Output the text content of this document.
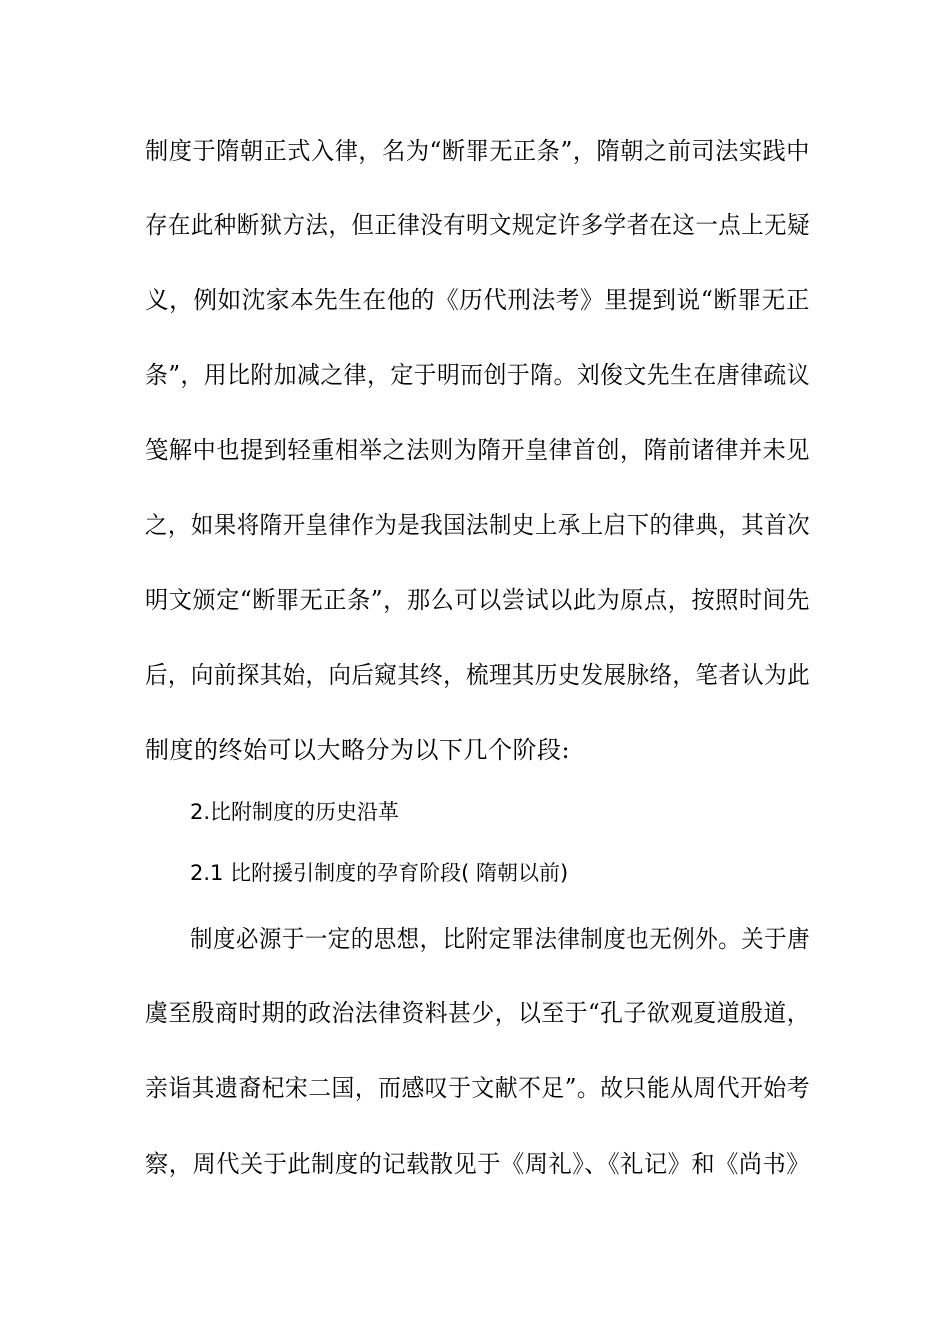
制度于隋朝正式入律，名为“断罪无正条”，隋朝之前司法实践中
存在此种断狱方法，但正律没有明文规定许多学者在这一点上无疑
义，例如沈家本先生在他的《历代刑法考》里提到说“断罪无正
条”，用比附加减之律，定于明而创于隋。刘俊文先生在唐律疏议
笺解中也提到轻重相举之法则为隋开皇律首创，隋前诸律并未见
之，如果将隋开皇律作为是我国法制史上承上启下的律典，其首次
明文颁定“断罪无正条”，那么可以尝试以此为原点，按照时间先
后，向前探其始，向后窥其终，梳理其历史发展脉络，笔者认为此
制度的终始可以大略分为以下几个阶段:
2.比附制度的历史沿革
2.1 比附援引制度的孕育阶段( 隋朝以前)
制度必源于一定的思想，比附定罪法律制度也无例外。关于唐
虞至殷商时期的政治法律资料甚少，以至于“孔子欲观夏道殷道，
亲诣其遗裔杞宋二国，而感叹于文献不足”。故只能从周代开始考
察，周代关于此制度的记载散见于《周礼》、《礼记》和《尚书》
